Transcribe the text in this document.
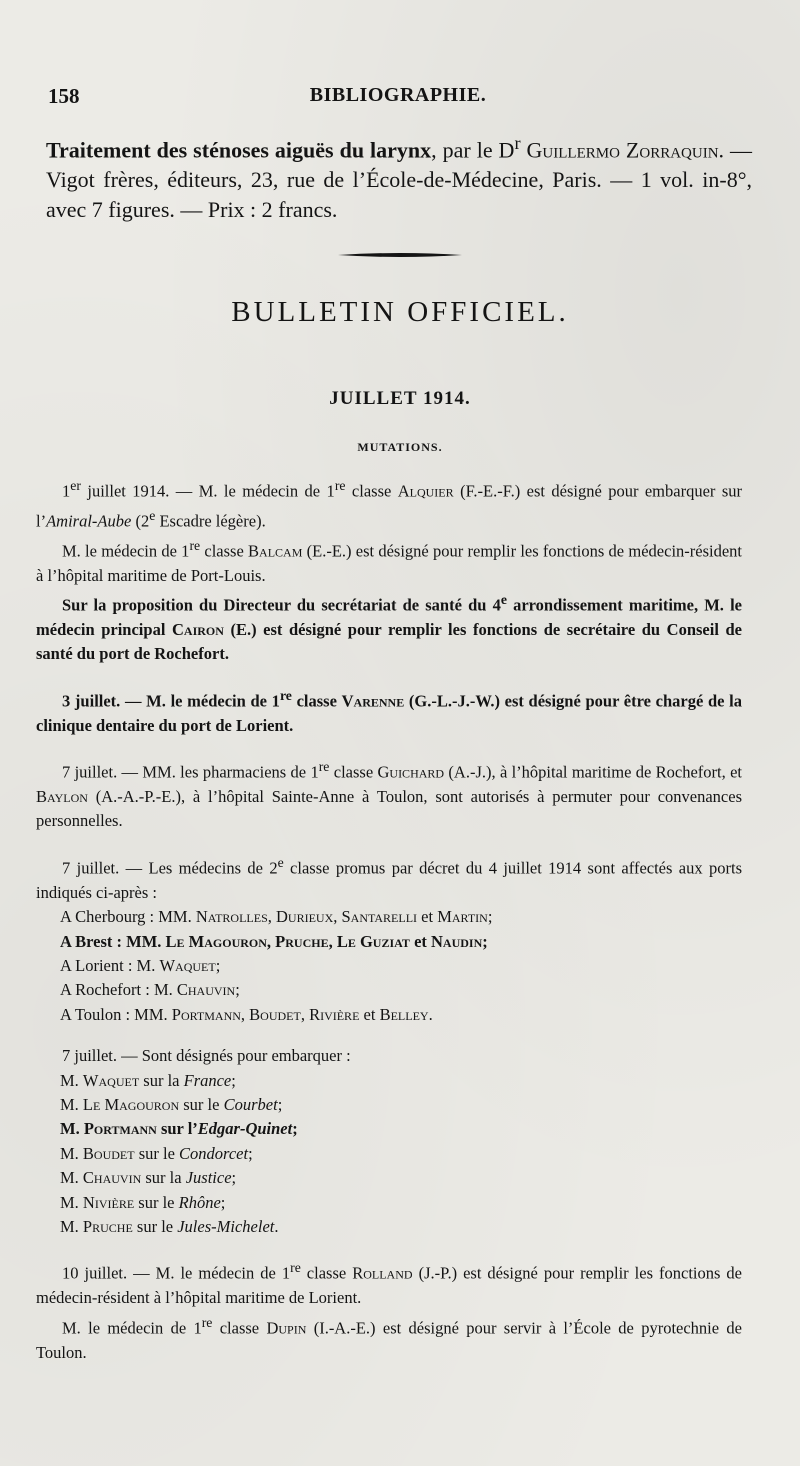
158	BIBLIOGRAPHIE.
Traitement des sténoses aiguës du larynx, par le $D^r$ Guillermo Zorraquin. — Vigot frères, éditeurs, 23, rue de l’École-de-Médecine, Paris. — 1 vol. in-8°, avec 7 figures. — Prix : 2 francs.
BULLETIN OFFICIEL.
JUILLET 1914.
MUTATIONS.

1er juillet 1914. — M. le médecin de 1re classe Alquier (F.-E.-F.) est désigné pour embarquer sur l’Amiral-Aube (2e Escadre légère).

M. le médecin de 1re classe Balcam (E.-E.) est désigné pour remplir les fonctions de médecin-résident à l’hôpital maritime de Port-Louis.

Sur la proposition du Directeur du secrétariat de santé du 4e arrondissement maritime, M. le médecin principal Cairon (E.) est désigné pour remplir les fonctions de secrétaire du Conseil de santé du port de Rochefort.

3 juillet. — M. le médecin de 1re classe Varenne (G.-L.-J.-W.) est désigné pour être chargé de la clinique dentaire du port de Lorient.

7 juillet. — MM. les pharmaciens de 1re classe Guichard (A.-J.), à l’hôpital maritime de Rochefort, et Baylon (A.-A.-P.-E.), à l’hôpital Sainte-Anne à Toulon, sont autorisés à permuter pour convenances personnelles.

7 juillet. — Les médecins de 2e classe promus par décret du 4 juillet 1914 sont affectés aux ports indiqués ci-après :

A Cherbourg : MM. Natrolles, Durieux, Santarelli et Martin;

A Brest : MM. Le Magouron, Pruche, Le Guziat et Naudin;

A Lorient : M. Waquet;

A Rochefort : M. Chauvin;

A Toulon : MM. Portmann, Boudet, Rivière et Belley.

7 juillet. — Sont désignés pour embarquer :

M. Waquet sur la France;

M. Le Magouron sur le Courbet;

M. Portmann sur l’Edgar-Quinet;

M. Boudet sur le Condorcet;

M. Chauvin sur la Justice;

M. Nivière sur le Rhône;

M. Pruche sur le Jules-Michelet.

10 juillet. — M. le médecin de 1re classe Rolland (J.-P.) est désigné pour remplir les fonctions de médecin-résident à l’hôpital maritime de Lorient.

M. le médecin de 1re classe Dupin (I.-A.-E.) est désigné pour servir à l’École de pyrotechnie de Toulon.
